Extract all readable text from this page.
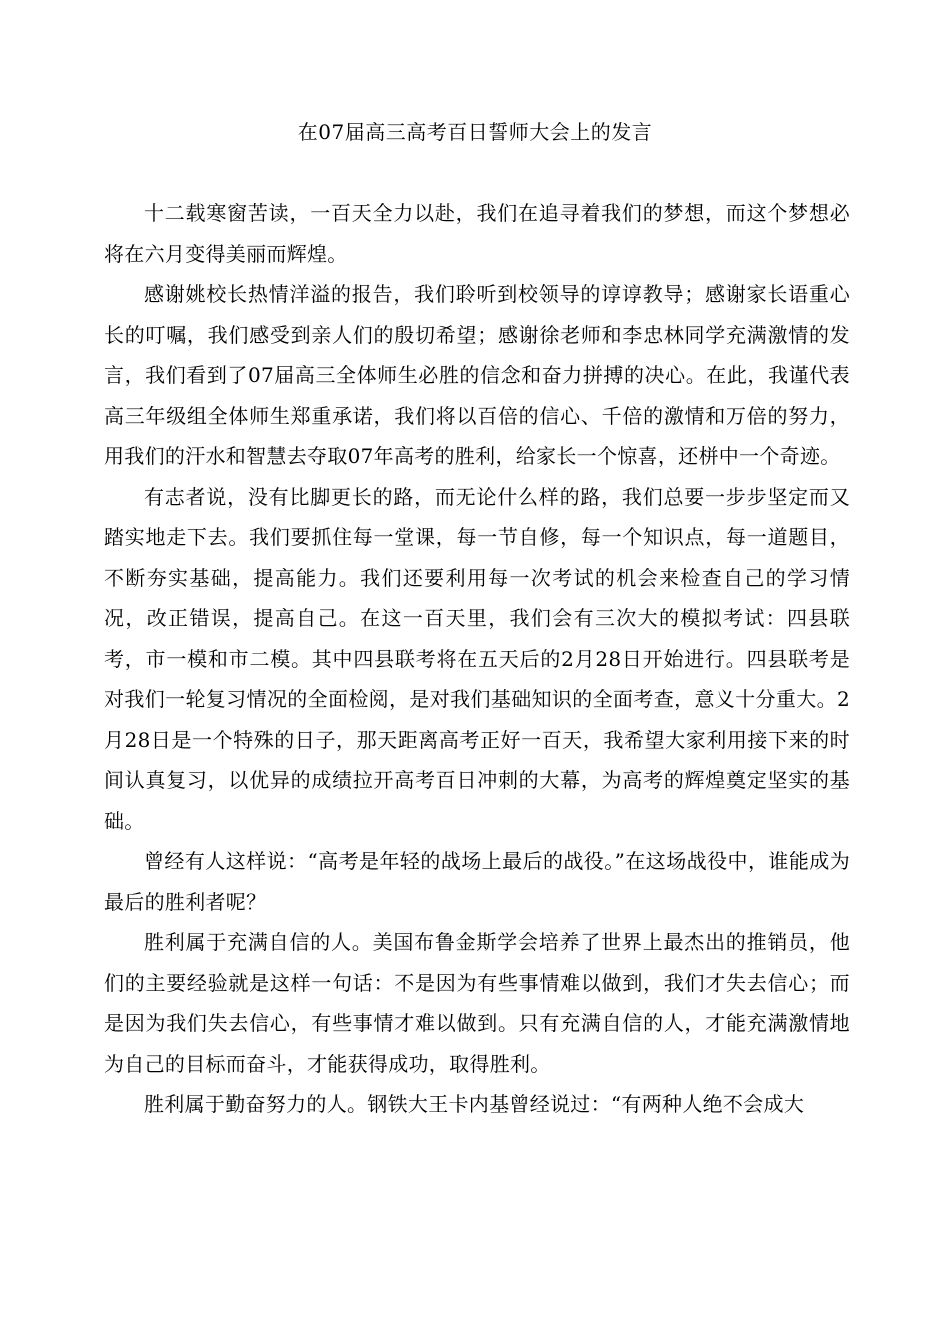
在07届高三高考百日誓师大会上的发言

十二载寒窗苦读，一百天全力以赴，我们在追寻着我们的梦想，而这个梦想必将在六月变得美丽而辉煌。

感谢姚校长热情洋溢的报告，我们聆听到校领导的谆谆教导；感谢家长语重心长的叮嘱，我们感受到亲人们的殷切希望；感谢徐老师和李忠林同学充满激情的发言，我们看到了07届高三全体师生必胜的信念和奋力拼搏的决心。在此，我谨代表高三年级组全体师生郑重承诺，我们将以百倍的信心、千倍的激情和万倍的努力，用我们的汗水和智慧去夺取07年高考的胜利，给家长一个惊喜，还栟中一个奇迹。

有志者说，没有比脚更长的路，而无论什么样的路，我们总要一步步坚定而又踏实地走下去。我们要抓住每一堂课，每一节自修，每一个知识点，每一道题目，不断夯实基础，提高能力。我们还要利用每一次考试的机会来检查自己的学习情况，改正错误，提高自己。在这一百天里，我们会有三次大的模拟考试：四县联考，市一模和市二模。其中四县联考将在五天后的2月28日开始进行。四县联考是对我们一轮复习情况的全面检阅，是对我们基础知识的全面考查，意义十分重大。2月28日是一个特殊的日子，那天距离高考正好一百天，我希望大家利用接下来的时间认真复习，以优异的成绩拉开高考百日冲刺的大幕，为高考的辉煌奠定坚实的基础。

曾经有人这样说：“高考是年轻的战场上最后的战役。”在这场战役中，谁能成为最后的胜利者呢？

胜利属于充满自信的人。美国布鲁金斯学会培养了世界上最杰出的推销员，他们的主要经验就是这样一句话：不是因为有些事情难以做到，我们才失去信心；而是因为我们失去信心，有些事情才难以做到。只有充满自信的人，才能充满激情地为自己的目标而奋斗，才能获得成功，取得胜利。

胜利属于勤奋努力的人。钢铁大王卡内基曾经说过：“有两种人绝不会成大
